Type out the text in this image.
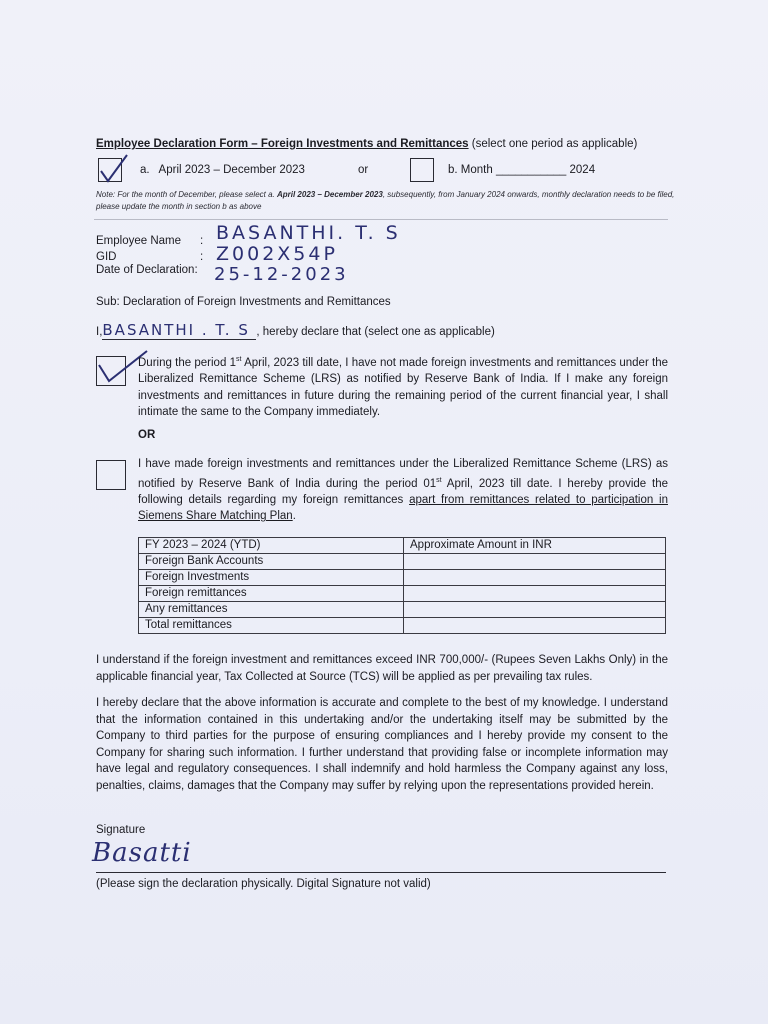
Employee Declaration Form – Foreign Investments and Remittances (select one period as applicable)
a. April 2023 – December 2023	or	b. Month ___________ 2024
Note: For the month of December, please select a. April 2023 – December 2023, subsequently, from January 2024 onwards, monthly declaration needs to be filed, please update the month in section b as above
Employee Name : BASANTHI. T. S
GID	: Z002X54P
Date of Declaration: 25-12-2023
Sub: Declaration of Foreign Investments and Remittances
I,BASANTHI . T. S , hereby declare that (select one as applicable)
During the period 1st April, 2023 till date, I have not made foreign investments and remittances under the Liberalized Remittance Scheme (LRS) as notified by Reserve Bank of India. If I make any foreign investments and remittances in future during the remaining period of the current financial year, I shall intimate the same to the Company immediately.
OR
I have made foreign investments and remittances under the Liberalized Remittance Scheme (LRS) as notified by Reserve Bank of India during the period 01st April, 2023 till date. I hereby provide the following details regarding my foreign remittances apart from remittances related to participation in Siemens Share Matching Plan.
FY 2023 – 2024 (YTD)	Approximate Amount in INR
Foreign Bank Accounts	
Foreign Investments	
Foreign remittances	
Any remittances	
Total remittances	
I understand if the foreign investment and remittances exceed INR 700,000/- (Rupees Seven Lakhs Only) in the applicable financial year, Tax Collected at Source (TCS) will be applied as per prevailing tax rules.
I hereby declare that the above information is accurate and complete to the best of my knowledge. I understand that the information contained in this undertaking and/or the undertaking itself may be submitted by the Company to third parties for the purpose of ensuring compliances and I hereby provide my consent to the Company for sharing such information. I further understand that providing false or incomplete information may have legal and regulatory consequences. I shall indemnify and hold harmless the Company against any loss, penalties, claims, damages that the Company may suffer by relying upon the representations provided herein.
Signature
Basatti
(Please sign the declaration physically. Digital Signature not valid)
